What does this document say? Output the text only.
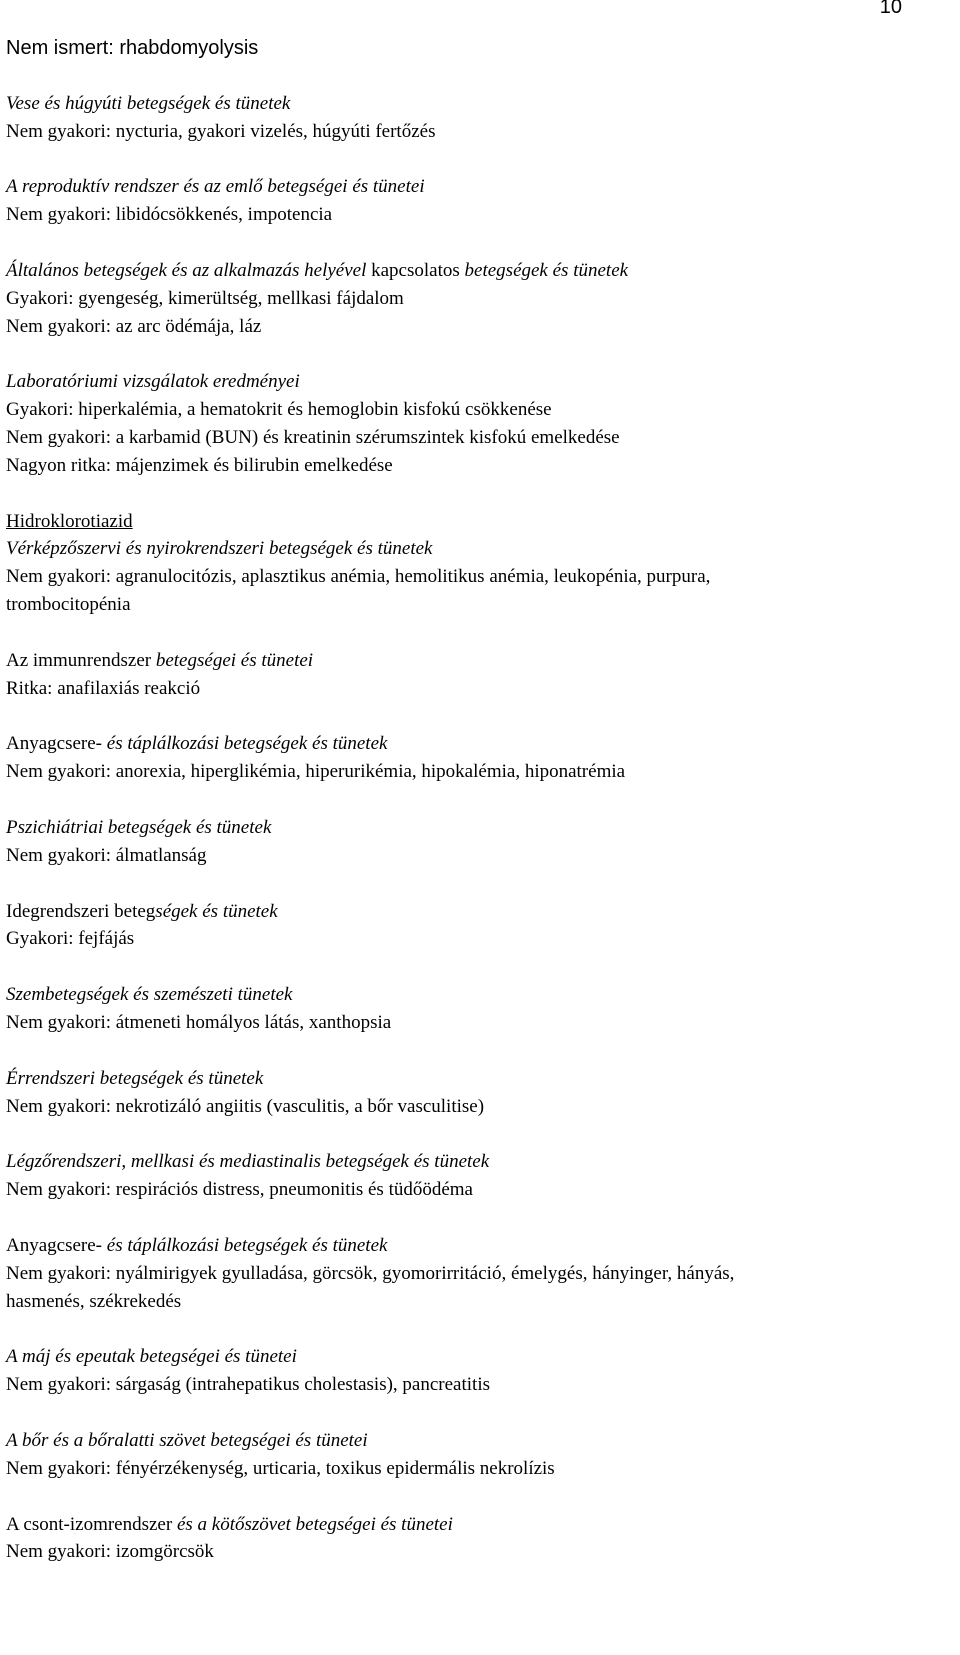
10
Nem ismert: rhabdomyolysis
Vese és húgyúti betegségek és tünetek
Nem gyakori: nycturia, gyakori vizelés, húgyúti fertőzés
A reproduktív rendszer és az emlő betegségei és tünetei
Nem gyakori: libidócsökkenés, impotencia
Általános betegségek és az alkalmazás helyével kapcsolatos betegségek és tünetek
Gyakori: gyengeség, kimerültség, mellkasi fájdalom
Nem gyakori: az arc ödémája, láz
Laboratóriumi vizsgálatok eredményei
Gyakori: hiperkalémia, a hematokrit és hemoglobin kisfokú csökkenése
Nem gyakori: a karbamid (BUN) és kreatinin szérumszintek kisfokú emelkedése
Nagyon ritka: májenzimek és bilirubin emelkedése
Hidroklorotiazid
Vérképzőszervi és nyirokrendszeri betegségek és tünetek
Nem gyakori: agranulocitózis, aplasztikus anémia, hemolitikus anémia, leukopénia, purpura,
trombocitopénia
Az immunrendszer betegségei és tünetei
Ritka: anafilaxiás reakció
Anyagcsere- és táplálkozási betegségek és tünetek
Nem gyakori: anorexia, hiperglikémia, hiperurikémia, hipokalémia, hiponatrémia
Pszichiátriai betegségek és tünetek
Nem gyakori: álmatlanság
Idegrendszeri betegségek és tünetek
Gyakori: fejfájás
Szembetegségek és szemészeti tünetek
Nem gyakori: átmeneti homályos látás, xanthopsia
Érrendszeri betegségek és tünetek
Nem gyakori: nekrotizáló angiitis (vasculitis, a bőr vasculitise)
Légzőrendszeri, mellkasi és mediastinalis betegségek és tünetek
Nem gyakori: respirációs distress, pneumonitis és tüdőödéma
Anyagcsere- és táplálkozási betegségek és tünetek
Nem gyakori: nyálmirigyek gyulladása, görcsök, gyomorirritáció, émelygés, hányinger, hányás,
hasmenés, székrekedés
A máj és epeutak betegségei és tünetei
Nem gyakori: sárgaság (intrahepatikus cholestasis), pancreatitis
A bőr és a bőralatti szövet betegségei és tünetei
Nem gyakori: fényérzékenység, urticaria, toxikus epidermális nekrolízis
A csont-izomrendszer és a kötőszövet betegségei és tünetei
Nem gyakori: izomgörcsök
